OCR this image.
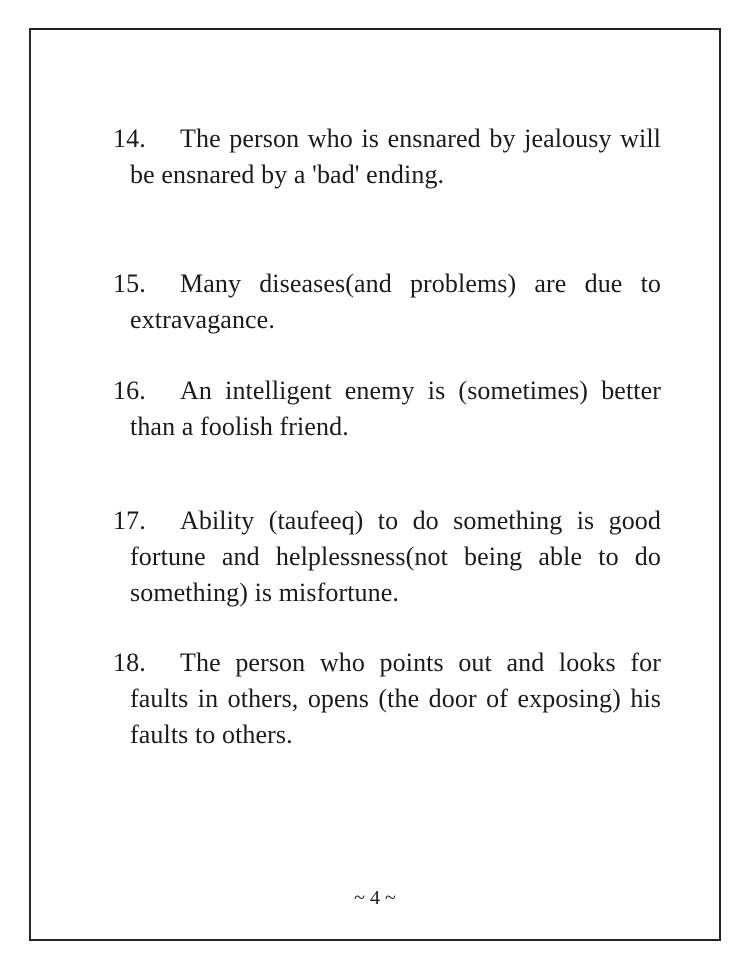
14.	The person who is ensnared by jealousy will
be ensnared by a 'bad' ending.
15.	Many diseases(and problems) are due to
extravagance.
16.	An intelligent enemy is (sometimes) better
than a foolish friend.
17.	Ability (taufeeq) to do something is good
fortune and helplessness(not being able to do
something) is misfortune.
18.	The person who points out and looks for
faults in others, opens (the door of exposing) his
faults to others.
~ 4 ~
